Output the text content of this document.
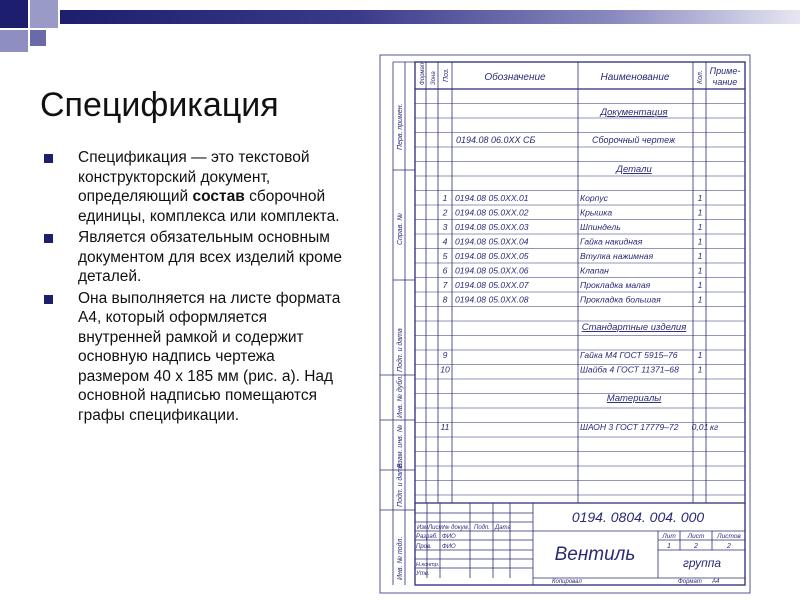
Спецификация
Спецификация — это текстовой конструкторский документ, определяющий состав сборочной единицы, комплекса или комплекта.
Является обязательным основным документом для всех изделий кроме деталей.
Она выполняется на листе формата А4, который оформляется внутренней рамкой и содержит основную надпись чертежа размером 40 х 185 мм (рис. а). Над основной надписью помещаются графы спецификации.
Формат Зона Поз.	Обозначение	Наименование	Кол. Приме-
чание
Перв. примен.
Справ. №
Подп. и дата
Инв. № дубл.
Взам. инв. №
Подп. и дата
Инв. № подл.
Документация
Детали
Стандартные изделия
Материалы
0194.08 06.0XX СБ	Сборочный чертеж
1 0194.08 05.0XX.01	Корпус	1
2 0194.08 05.0XX.02	Крышка	1
3 0194.08 05.0XX.03	Шпиндель	1
4 0194.08 05.0XX.04	Гайка накидная	1
5 0194.08 05.0XX.05	Втулка нажимная	1
6 0194.08 05.0XX.06	Клапан	1
7 0194.08 05.0XX.07	Прокладка малая	1
8 0194.08 05.0XX.08	Прокладка большая	1
9	Гайка М4 ГОСТ 5915–76 1
10	Шайба 4 ГОСТ 11371–68 1
11	ШАОН 3 ГОСТ 17779–72 0,01 кг
0194. 0804. 004. 000
Вентиль	группа
Изм Лист № докум. Подп. Дата
Разраб. ФИО
Пров. ФИО
Н.контр.
Утв.
Лит Лист Листов
1	2	2
Копировал	Формат А4
